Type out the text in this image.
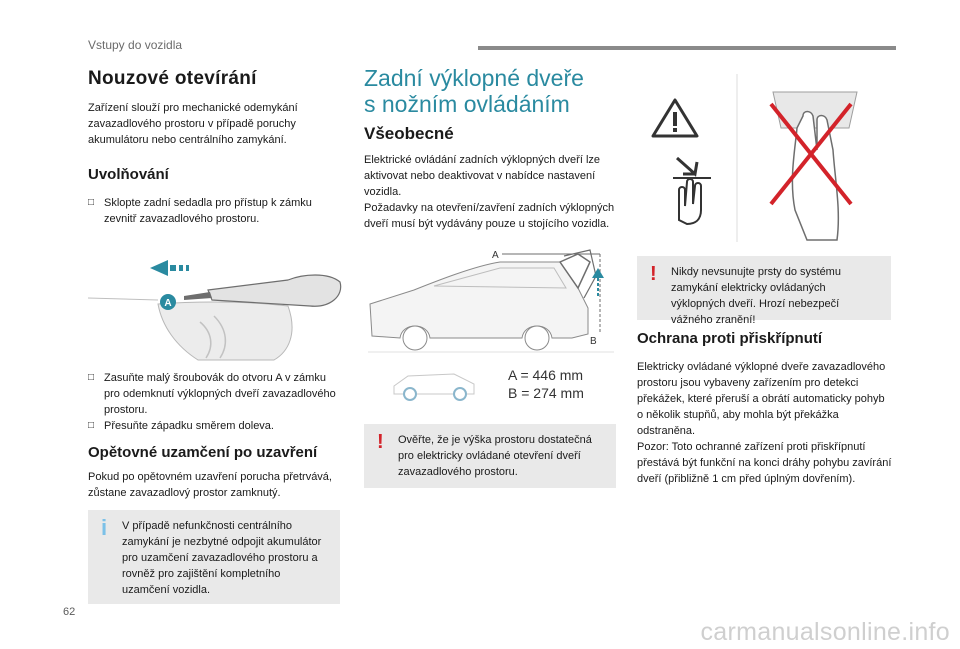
Vstupy do vozidla
Nouzové otevírání

Zařízení slouží pro mechanické odemykání zavazadlového prostoru v případě poruchy akumulátoru nebo centrálního zamykání.

Uvolňování
□ Sklopte zadní sedadla pro přístup k zámku zevnitř zavazadlového prostoru.
A
□ Zasuňte malý šroubovák do otvoru A v zámku pro odemknutí výklopných dveří zavazadlového prostoru.
□ Přesuňte západku směrem doleva.
Opětovné uzamčení po uzavření

Pokud po opětovném uzavření porucha přetrvává, zůstane zavazadlový prostor zamknutý.

i V případě nefunkčnosti centrálního zamykání je nezbytné odpojit akumulátor pro uzamčení zavazadlového prostoru a rovněž pro zajištění kompletního uzamčení vozidla.
Zadní výklopné dveře
s nožním ovládáním
Všeobecné

Elektrické ovládání zadních výklopných dveří lze aktivovat nebo deaktivovat v nabídce nastavení vozidla.

Požadavky na otevření/zavření zadních výklopných dveří musí být vydávány pouze u stojícího vozidla.

A
B
A = 446 mm
B = 274 mm
! Ověřte, že je výška prostoru dostatečná pro elektricky ovládané otevření dveří zavazadlového prostoru.
! Nikdy nevsunujte prsty do systému zamykání elektricky ovládaných výklopných dveří. Hrozí nebezpečí vážného zranění!
Ochrana proti přiskřípnutí

Elektricky ovládané výklopné dveře zavazadlového prostoru jsou vybaveny zařízením pro detekci překážek, které přeruší a obrátí automaticky pohyb o několik stupňů, aby mohla být překážka odstraněna.

Pozor: Toto ochranné zařízení proti přiskřípnutí přestává být funkční na konci dráhy pohybu zavírání dveří (přibližně 1 cm před úplným dovřením).

62
carmanualsonline.info
